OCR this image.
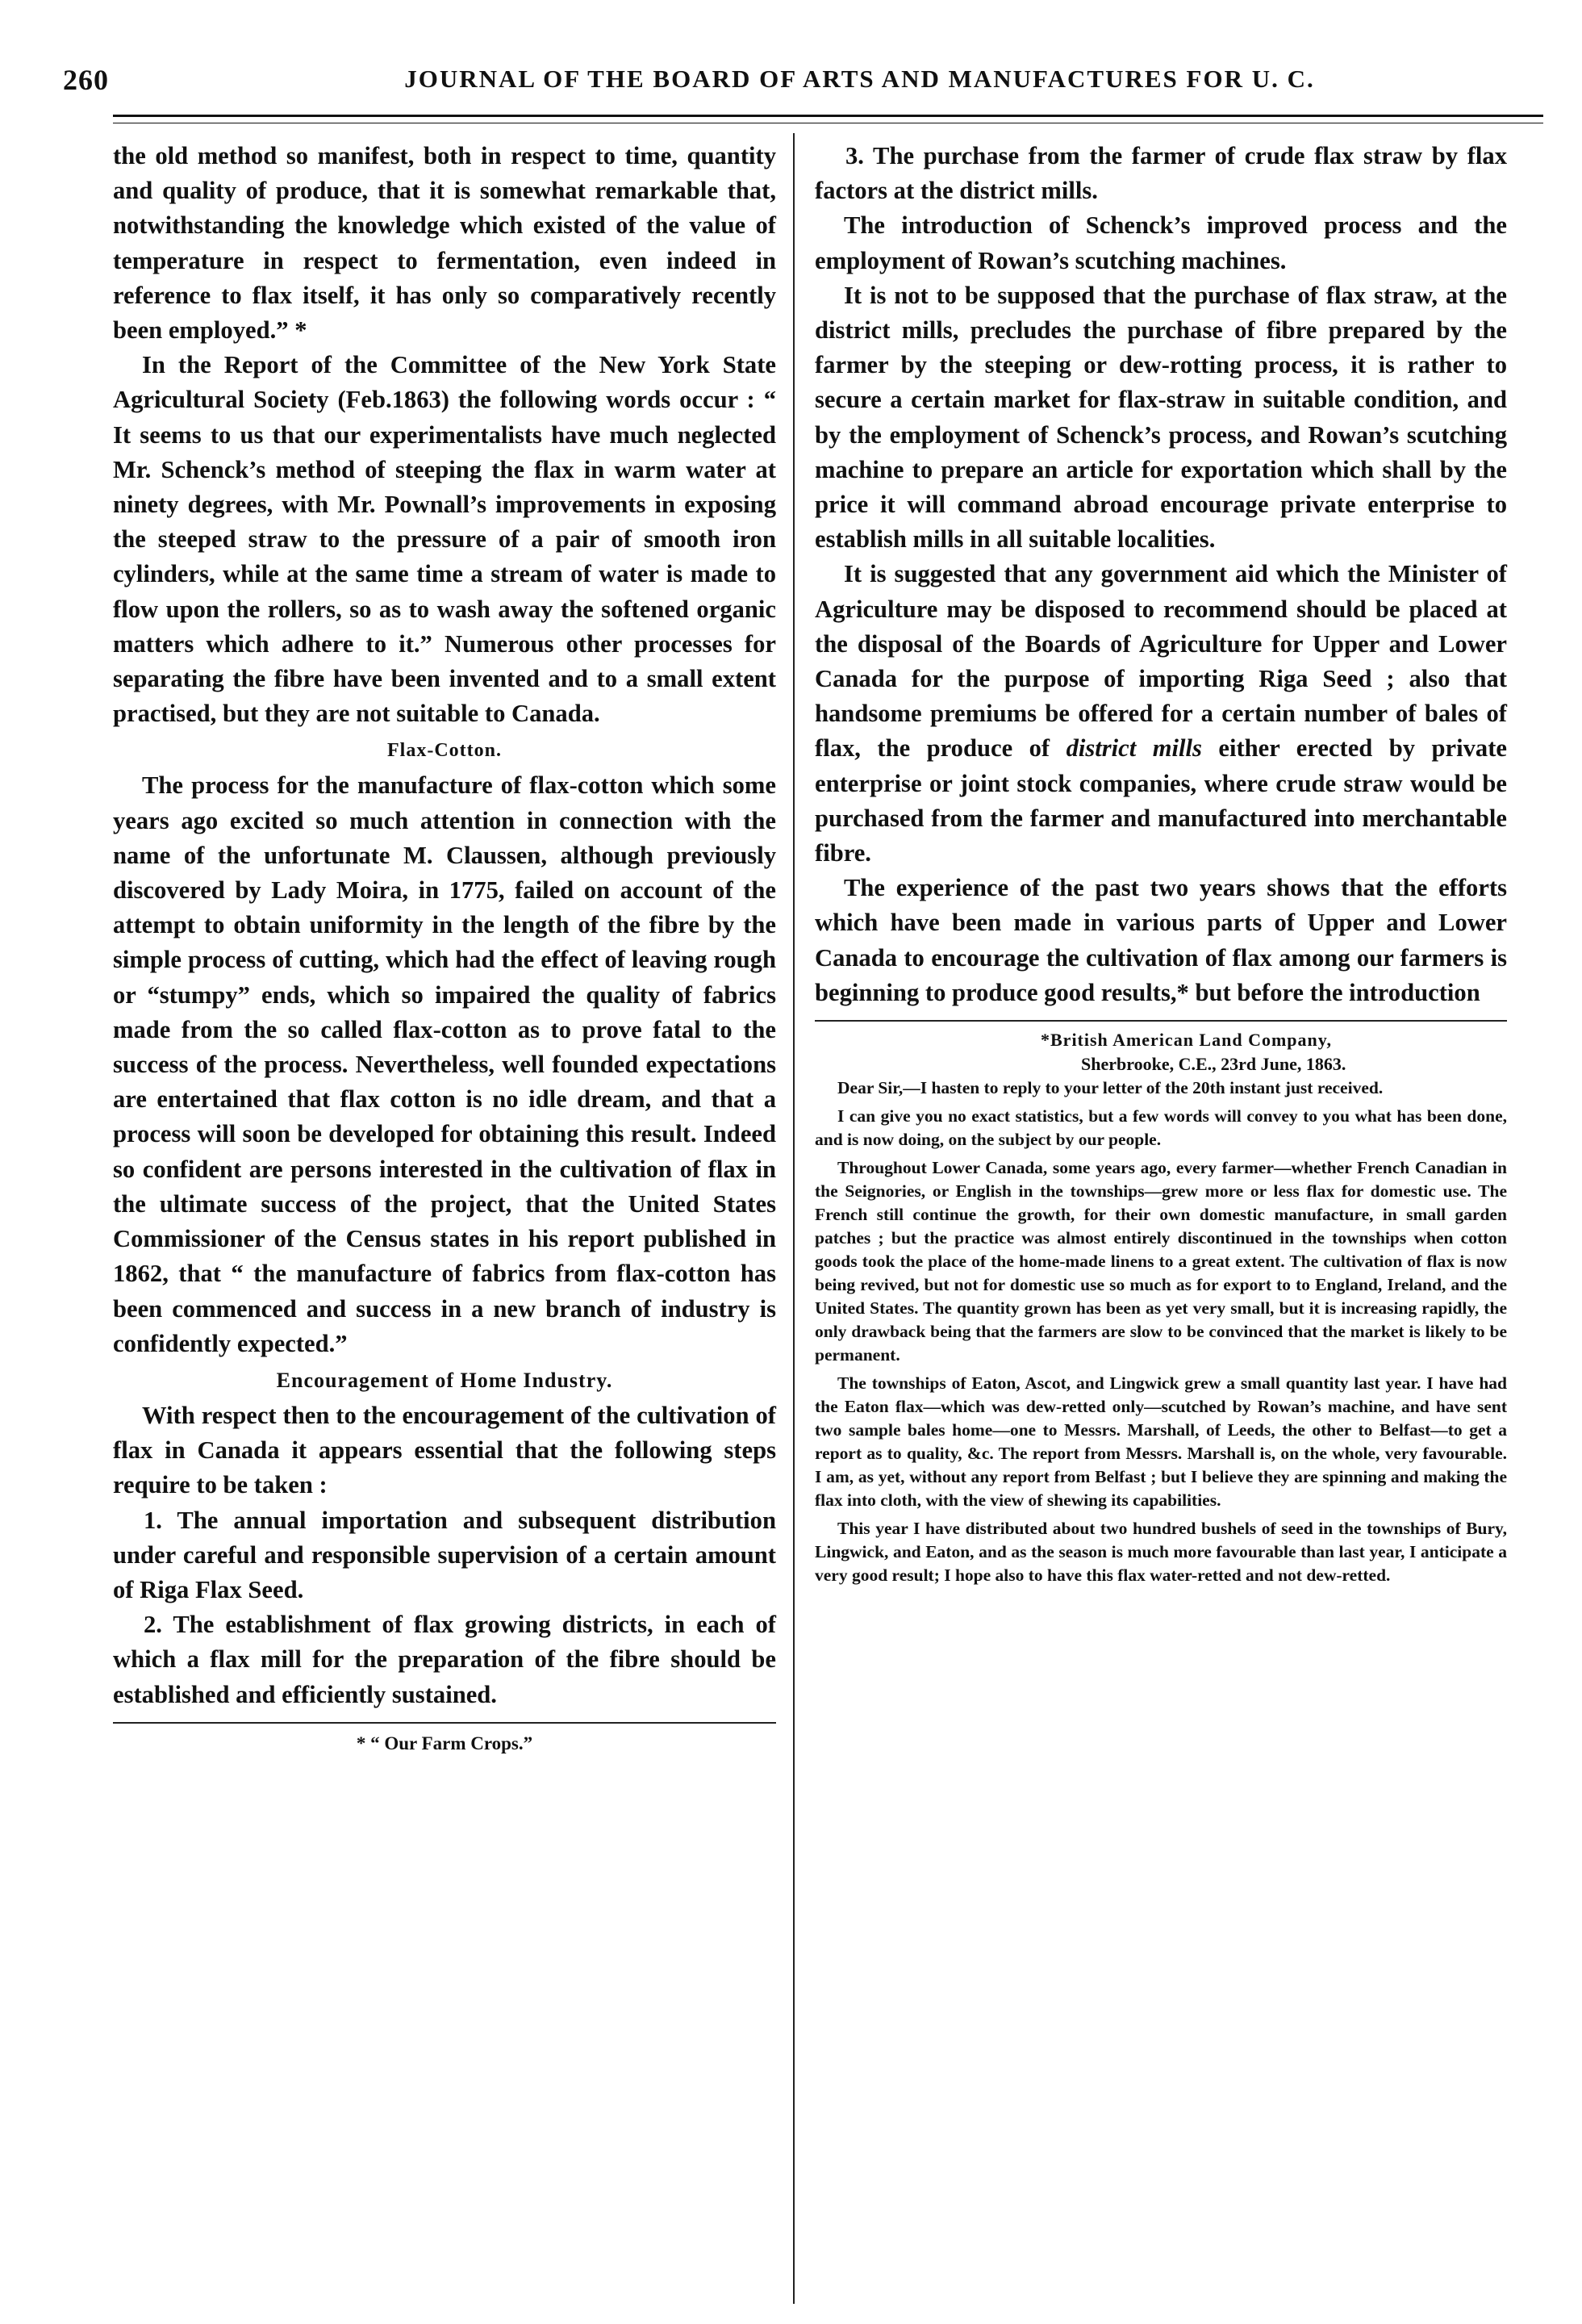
260	JOURNAL OF THE BOARD OF ARTS AND MANUFACTURES FOR U. C.

the old method so manifest, both in respect to time, quantity and quality of produce, that it is somewhat remarkable that, notwithstanding the knowledge which existed of the value of temperature in respect to fermentation, even indeed in reference to flax itself, it has only so comparatively recently been employed.” *

In the Report of the Committee of the New York State Agricultural Society (Feb.1863) the following words occur : “ It seems to us that our experimentalists have much neglected Mr. Schenck’s method of steeping the flax in warm water at ninety degrees, with Mr. Pownall’s improvements in exposing the steeped straw to the pressure of a pair of smooth iron cylinders, while at the same time a stream of water is made to flow upon the rollers, so as to wash away the softened organic matters which adhere to it.” Numerous other processes for separating the fibre have been invented and to a small extent practised, but they are not suitable to Canada.

Flax-Cotton.

The process for the manufacture of flax-cotton which some years ago excited so much attention in connection with the name of the unfortunate M. Claussen, although previously discovered by Lady Moira, in 1775, failed on account of the attempt to obtain uniformity in the length of the fibre by the simple process of cutting, which had the effect of leaving rough or “stumpy” ends, which so impaired the quality of fabrics made from the so called flax-cotton as to prove fatal to the success of the process. Nevertheless, well founded expectations are entertained that flax cotton is no idle dream, and that a process will soon be developed for obtaining this result. Indeed so confident are persons interested in the cultivation of flax in the ultimate success of the project, that the United States Commissioner of the Census states in his report published in 1862, that “ the manufacture of fabrics from flax-cotton has been commenced and success in a new branch of industry is confidently expected.”

Encouragement of Home Industry.

With respect then to the encouragement of the cultivation of flax in Canada it appears essential that the following steps require to be taken :

1. The annual importation and subsequent distribution under careful and responsible supervision of a certain amount of Riga Flax Seed.

2. The establishment of flax growing districts, in each of which a flax mill for the preparation of the fibre should be established and efficiently sustained.

* “ Our Farm Crops.”

3. The purchase from the farmer of crude flax straw by flax factors at the district mills.

The introduction of Schenck’s improved process and the employment of Rowan’s scutching machines.

It is not to be supposed that the purchase of flax straw, at the district mills, precludes the purchase of fibre prepared by the farmer by the steeping or dew-rotting process, it is rather to secure a certain market for flax-straw in suitable condition, and by the employment of Schenck’s process, and Rowan’s scutching machine to prepare an article for exportation which shall by the price it will command abroad encourage private enterprise to establish mills in all suitable localities.

It is suggested that any government aid which the Minister of Agriculture may be disposed to recommend should be placed at the disposal of the Boards of Agriculture for Upper and Lower Canada for the purpose of importing Riga Seed ; also that handsome premiums be offered for a certain number of bales of flax, the produce of district mills either erected by private enterprise or joint stock companies, where crude straw would be purchased from the farmer and manufactured into merchantable fibre.

The experience of the past two years shows that the efforts which have been made in various parts of Upper and Lower Canada to encourage the cultivation of flax among our farmers is beginning to produce good results,* but before the introduction

*British American Land Company,
Sherbrooke, C.E., 23rd June, 1863.

Dear Sir,—I hasten to reply to your letter of the 20th instant just received.

I can give you no exact statistics, but a few words will convey to you what has been done, and is now doing, on the subject by our people.

Throughout Lower Canada, some years ago, every farmer—whether French Canadian in the Seignories, or English in the townships—grew more or less flax for domestic use. The French still continue the growth, for their own domestic manufacture, in small garden patches ; but the practice was almost entirely discontinued in the townships when cotton goods took the place of the home-made linens to a great extent. The cultivation of flax is now being revived, but not for domestic use so much as for export to to England, Ireland, and the United States. The quantity grown has been as yet very small, but it is increasing rapidly, the only drawback being that the farmers are slow to be convinced that the market is likely to be permanent.

The townships of Eaton, Ascot, and Lingwick grew a small quantity last year. I have had the Eaton flax—which was dew-retted only—scutched by Rowan’s machine, and have sent two sample bales home—one to Messrs. Marshall, of Leeds, the other to Belfast—to get a report as to quality, &c. The report from Messrs. Marshall is, on the whole, very favourable. I am, as yet, without any report from Belfast ; but I believe they are spinning and making the flax into cloth, with the view of shewing its capabilities.

This year I have distributed about two hundred bushels of seed in the townships of Bury, Lingwick, and Eaton, and as the season is much more favourable than last year, I anticipate a very good result; I hope also to have this flax water-retted and not dew-retted.
